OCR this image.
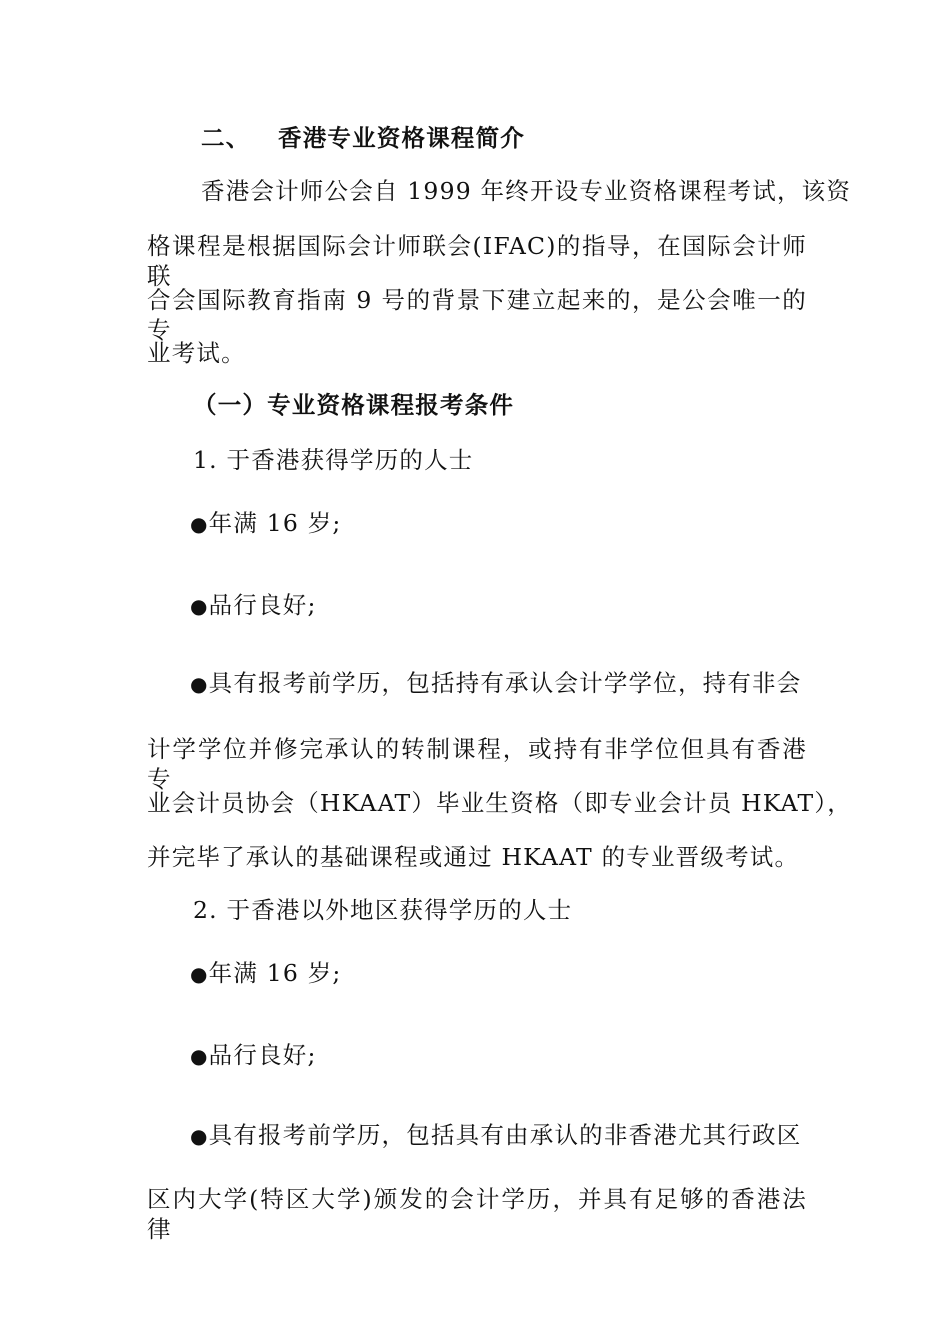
二、 香港专业资格课程简介
香港会计师公会自 1999 年终开设专业资格课程考试，该资
格课程是根据国际会计师联会(IFAC)的指导，在国际会计师联
合会国际教育指南 9 号的背景下建立起来的，是公会唯一的专
业考试。
（一）专业资格课程报考条件
1. 于香港获得学历的人士
●年满 16 岁;
●品行良好;
●具有报考前学历，包括持有承认会计学学位，持有非会
计学学位并修完承认的转制课程，或持有非学位但具有香港专
业会计员协会（HKAAT）毕业生资格（即专业会计员 HKAT），
并完毕了承认的基础课程或通过 HKAAT 的专业晋级考试。
2. 于香港以外地区获得学历的人士
●年满 16 岁;
●品行良好;
●具有报考前学历，包括具有由承认的非香港尤其行政区
区内大学(特区大学)颁发的会计学历，并具有足够的香港法律
